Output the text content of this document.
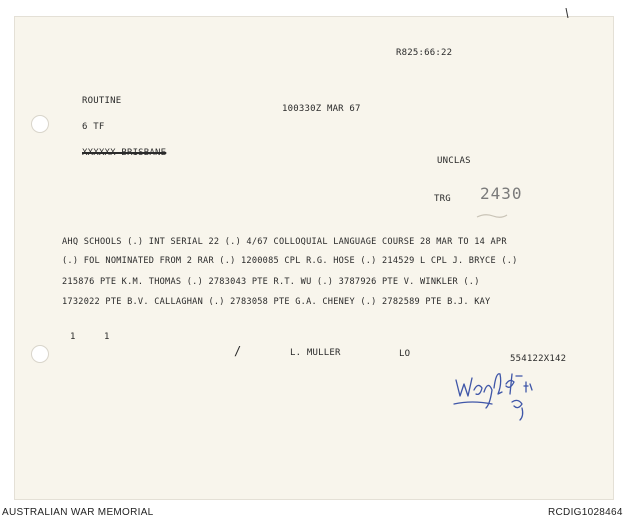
R825:66:22

ROUTINE

100330Z MAR 67

6 TF

XXXXXX BRISBANE

UNCLAS

TRG 2430

AHQ SCHOOLS (.) INT SERIAL 22 (.) 4/67 COLLOQUIAL LANGUAGE COURSE 28 MAR TO 14 APR

(.) FOL NOMINATED FROM 2 RAR (.) 1200085 CPL R.G. HOSE (.) 214529 L CPL J. BRYCE (.)

215876 PTE K.M. THOMAS (.) 2783043 PTE R.T. WU (.) 3787926 PTE V. WINKLER (.)

1732022 PTE B.V. CALLAGHAN (.) 2783058 PTE G.A. CHENEY (.) 2782589 PTE B.J. KAY

1	1

/	L. MULLER	LO	554122X142

AUSTRALIAN WAR MEMORIAL	RCDIG1028464
